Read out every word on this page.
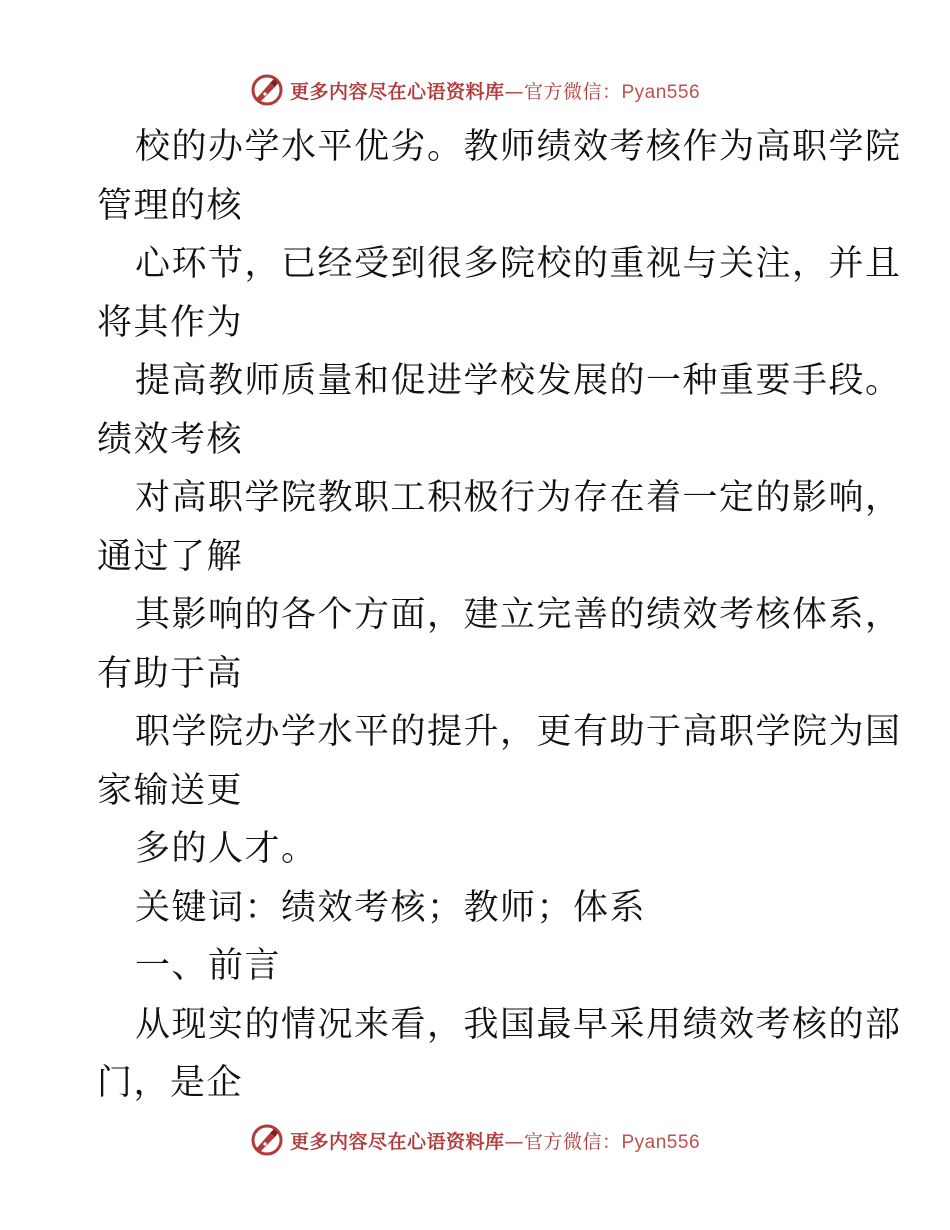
更多内容尽在心语资料库—官方微信：Pyan556
校的办学水平优劣。教师绩效考核作为高职学院
管理的核
心环节，已经受到很多院校的重视与关注，并且
将其作为
提高教师质量和促进学校发展的一种重要手段。
绩效考核
对高职学院教职工积极行为存在着一定的影响，
通过了解
其影响的各个方面，建立完善的绩效考核体系，
有助于高
职学院办学水平的提升，更有助于高职学院为国
家输送更
多的人才。
关键词：绩效考核；教师；体系
一、前言
从现实的情况来看，我国最早采用绩效考核的部
门，是企
更多内容尽在心语资料库—官方微信：Pyan556
